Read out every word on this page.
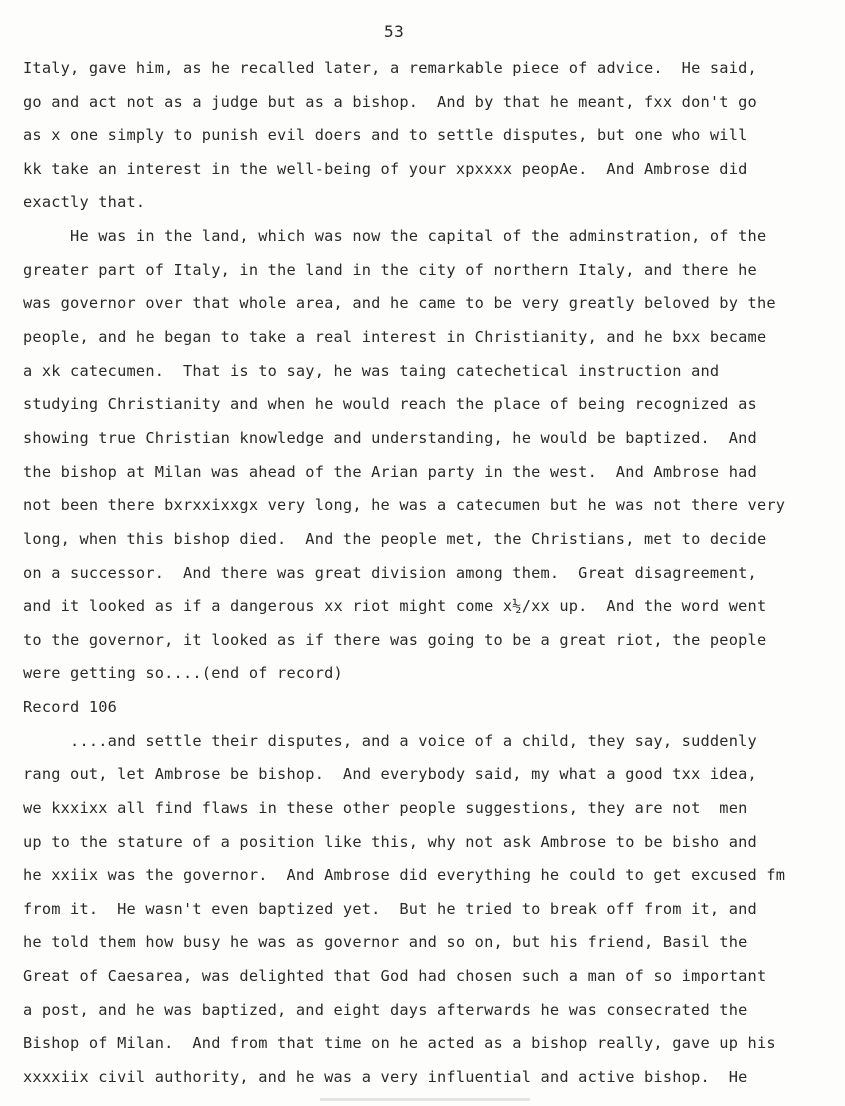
53
Italy, gave him, as he recalled later, a remarkable piece of advice.  He said,
go and act not as a judge but as a bishop.  And by that he meant, fxx don't go
as x one simply to punish evil doers and to settle disputes, but one who will
kk take an interest in the well-being of your xpxxxx peopAe.  And Ambrose did
exactly that.
He was in the land, which was now the capital of the adminstration, of the
greater part of Italy, in the land in the city of northern Italy, and there he
was governor over that whole area, and he came to be very greatly beloved by the
people, and he began to take a real interest in Christianity, and he bxx became
a xk catecumen.  That is to say, he was taing catechetical instruction and
studying Christianity and when he would reach the place of being recognized as
showing true Christian knowledge and understanding, he would be baptized.  And
the bishop at Milan was ahead of the Arian party in the west.  And Ambrose had
not been there bxrxxixxgx very long, he was a catecumen but he was not there very
long, when this bishop died.  And the people met, the Christians, met to decide
on a successor.  And there was great division among them.  Great disagreement,
and it looked as if a dangerous xx riot might come x½/xx up.  And the word went
to the governor, it looked as if there was going to be a great riot, the people
were getting so....(end of record)
Record 106
....and settle their disputes, and a voice of a child, they say, suddenly
rang out, let Ambrose be bishop.  And everybody said, my what a good txx idea,
we kxxixx all find flaws in these other people suggestions, they are not  men
up to the stature of a position like this, why not ask Ambrose to be bisho and
he xxiix was the governor.  And Ambrose did everything he could to get excused fm
from it.  He wasn't even baptized yet.  But he tried to break off from it, and
he told them how busy he was as governor and so on, but his friend, Basil the
Great of Caesarea, was delighted that God had chosen such a man of so important
a post, and he was baptized, and eight days afterwards he was consecrated the
Bishop of Milan.  And from that time on he acted as a bishop really, gave up his
xxxxiix civil authority, and he was a very influential and active bishop.  He
